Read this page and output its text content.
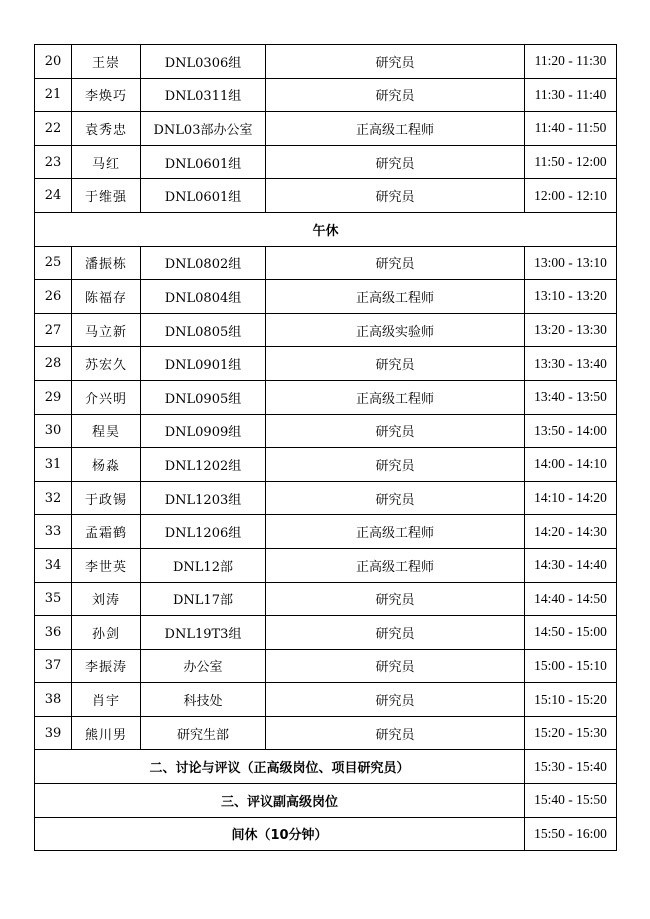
20	王崇	DNL0306组	研究员	11:20 - 11:30
21	李焕巧	DNL0311组	研究员	11:30 - 11:40
22	袁秀忠	DNL03部办公室	正高级工程师	11:40 - 11:50
23	马红	DNL0601组	研究员	11:50 - 12:00
24	于维强	DNL0601组	研究员	12:00 - 12:10
午休				
25	潘振栋	DNL0802组	研究员	13:00 - 13:10
26	陈福存	DNL0804组	正高级工程师	13:10 - 13:20
27	马立新	DNL0805组	正高级实验师	13:20 - 13:30
28	苏宏久	DNL0901组	研究员	13:30 - 13:40
29	介兴明	DNL0905组	正高级工程师	13:40 - 13:50
30	程昊	DNL0909组	研究员	13:50 - 14:00
31	杨淼	DNL1202组	研究员	14:00 - 14:10
32	于政锡	DNL1203组	研究员	14:10 - 14:20
33	孟霜鹤	DNL1206组	正高级工程师	14:20 - 14:30
34	李世英	DNL12部	正高级工程师	14:30 - 14:40
35	刘涛	DNL17部	研究员	14:40 - 14:50
36	孙剑	DNL19T3组	研究员	14:50 - 15:00
37	李振涛	办公室	研究员	15:00 - 15:10
38	肖宇	科技处	研究员	15:10 - 15:20
39	熊川男	研究生部	研究员	15:20 - 15:30
二、讨论与评议（正高级岗位、项目研究员）				15:30 - 15:40
三、评议副高级岗位				15:40 - 15:50
间休（10分钟）				15:50 - 16:00
